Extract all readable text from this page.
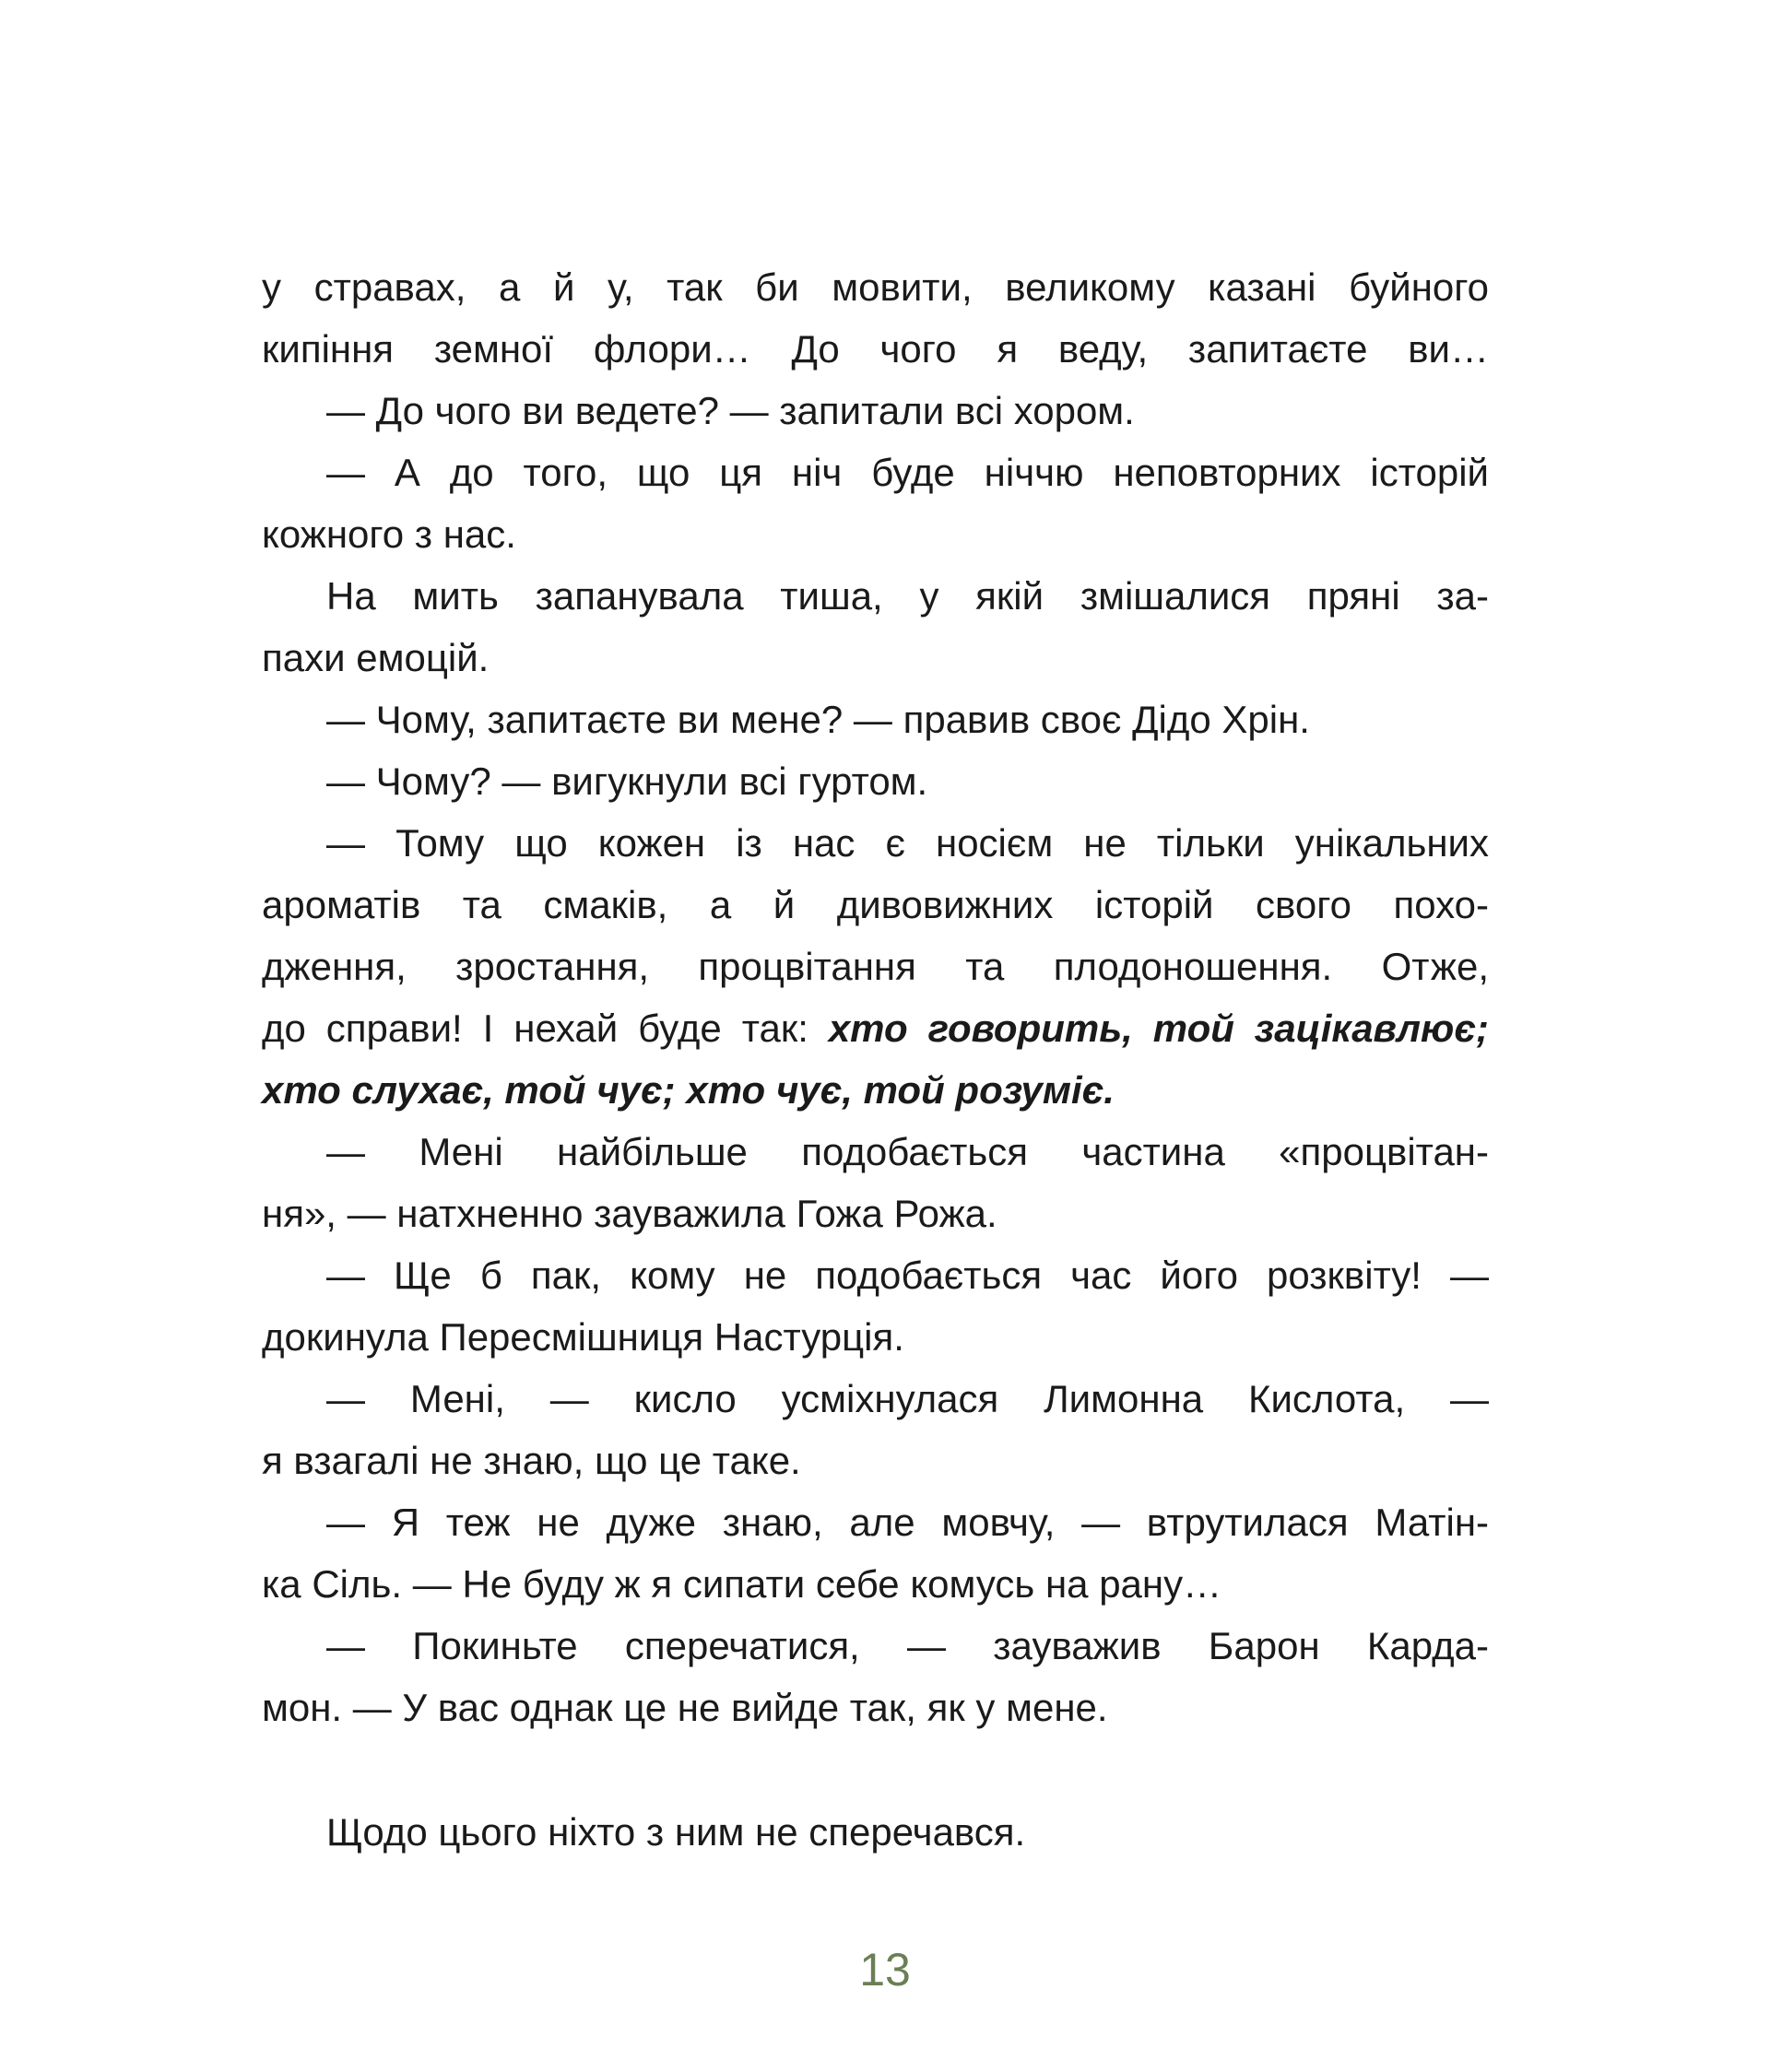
у стравах, а й у, так би мовити, великому казані буйного
кипіння земної флори… До чого я веду, запитаєте ви…
— До чого ви ведете? — запитали всі хором.
— А до того, що ця ніч буде ніччю неповторних історій
кожного з нас.
На мить запанувала тиша, у якій змішалися пряні за-
пахи емоцій.
— Чому, запитаєте ви мене? — правив своє Дідо Хрін.
— Чому? — вигукнули всі гуртом.
— Тому що кожен із нас є носієм не тільки унікальних
ароматів та смаків, а й дивовижних історій свого похо-
дження, зростання, процвітання та плодоношення. Отже,
до справи! І нехай буде так: хто говорить, той зацікавлює;
хто слухає, той чує; хто чує, той розуміє.
— Мені найбільше подобається частина «процвітан-
ня», — натхненно зауважила Гожа Рожа.
— Ще б пак, кому не подобається час його розквіту! —
докинула Пересмішниця Настурція.
— Мені, — кисло усміхнулася Лимонна Кислота, —
я взагалі не знаю, що це таке.
— Я теж не дуже знаю, але мовчу, — втрутилася Матін-
ка Сіль. — Не буду ж я сипати себе комусь на рану…
— Покиньте сперечатися, — зауважив Барон Карда-
мон. — У вас однак це не вийде так, як у мене.
Щодо цього ніхто з ним не сперечався.
13
